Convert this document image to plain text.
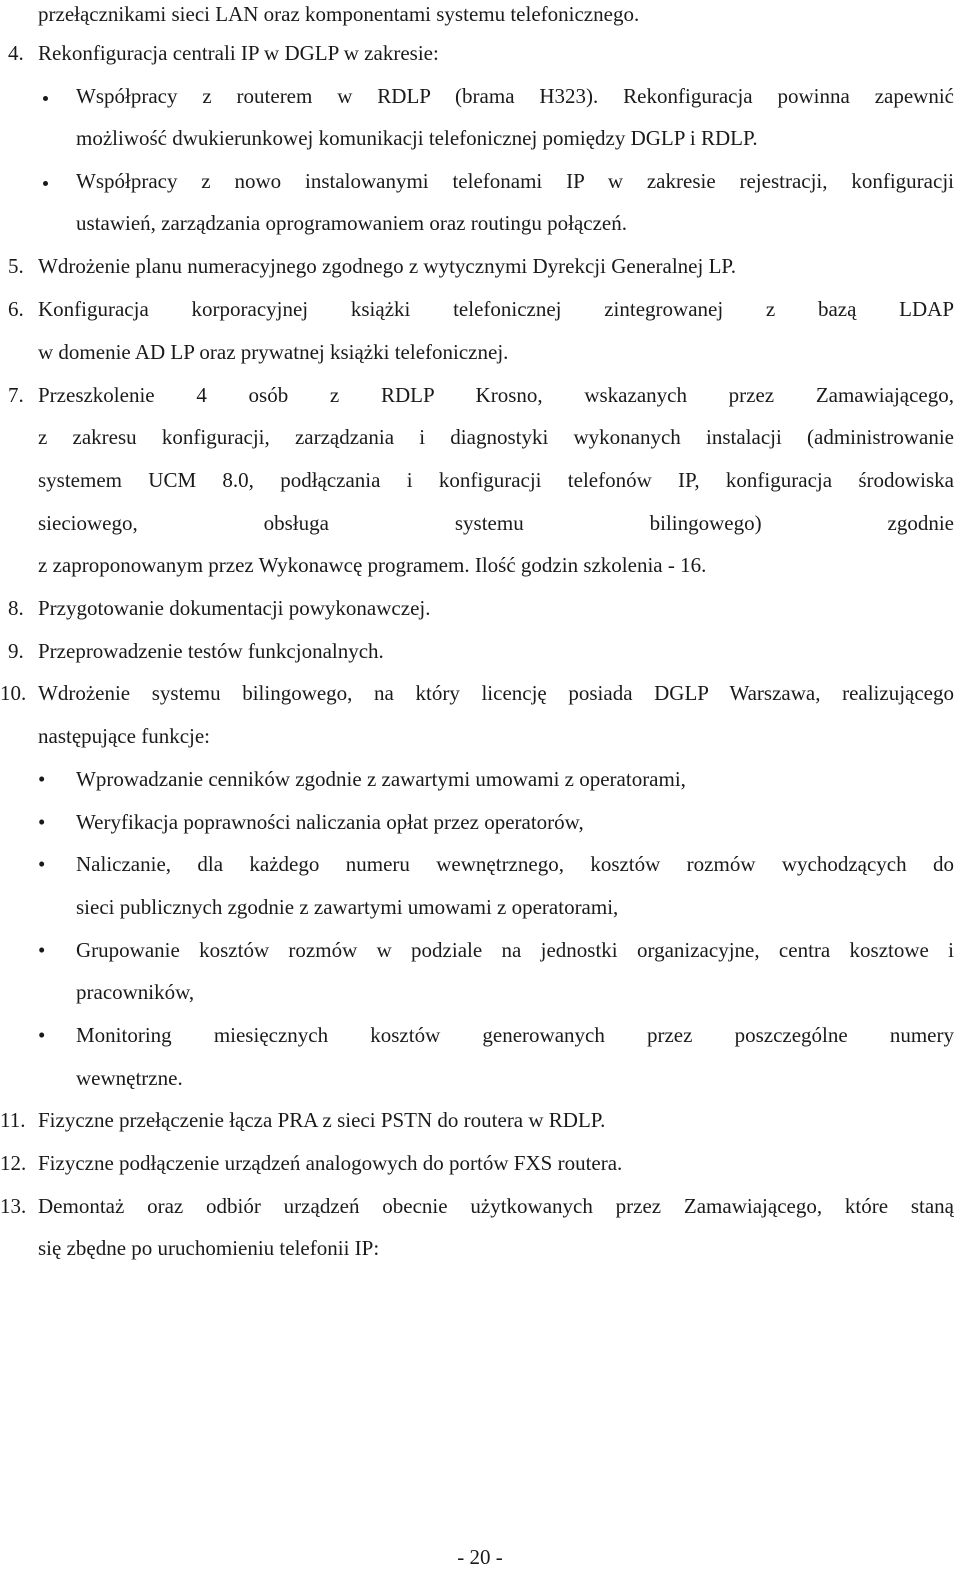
przełącznikami sieci LAN oraz komponentami systemu telefonicznego.
4. Rekonfiguracja centrali IP w DGLP w zakresie:
Współpracy z routerem w RDLP (brama H323). Rekonfiguracja powinna zapewnić
możliwość dwukierunkowej komunikacji telefonicznej pomiędzy DGLP i RDLP.
Współpracy z nowo instalowanymi telefonami IP w zakresie rejestracji, konfiguracji
ustawień, zarządzania oprogramowaniem oraz routingu połączeń.
5. Wdrożenie planu numeracyjnego zgodnego z wytycznymi Dyrekcji Generalnej LP.
6. Konfiguracja korporacyjnej książki telefonicznej zintegrowanej z bazą LDAP
w domenie AD LP oraz prywatnej książki telefonicznej.
7. Przeszkolenie 4 osób z RDLP Krosno, wskazanych przez Zamawiającego,
z zakresu konfiguracji, zarządzania i diagnostyki wykonanych instalacji (administrowanie
systemem UCM 8.0, podłączania i konfiguracji telefonów IP, konfiguracja środowiska
sieciowego, obsługa systemu bilingowego) zgodnie
z zaproponowanym przez Wykonawcę programem. Ilość godzin szkolenia - 16.
8. Przygotowanie dokumentacji powykonawczej.
9. Przeprowadzenie testów funkcjonalnych.
10. Wdrożenie systemu bilingowego, na który licencję posiada DGLP Warszawa, realizującego
następujące funkcje:
• Wprowadzanie cenników zgodnie z zawartymi umowami z operatorami,
• Weryfikacja poprawności naliczania opłat przez operatorów,
• Naliczanie, dla każdego numeru wewnętrznego, kosztów rozmów wychodzących do
sieci publicznych zgodnie z zawartymi umowami z operatorami,
• Grupowanie kosztów rozmów w podziale na jednostki organizacyjne, centra kosztowe i
pracowników,
• Monitoring miesięcznych kosztów generowanych przez poszczególne numery
wewnętrzne.
11. Fizyczne przełączenie łącza PRA z sieci PSTN do routera w RDLP.
12. Fizyczne podłączenie urządzeń analogowych do portów FXS routera.
13. Demontaż oraz odbiór urządzeń obecnie użytkowanych przez Zamawiającego, które staną
się zbędne po uruchomieniu telefonii IP:
- 20 -
